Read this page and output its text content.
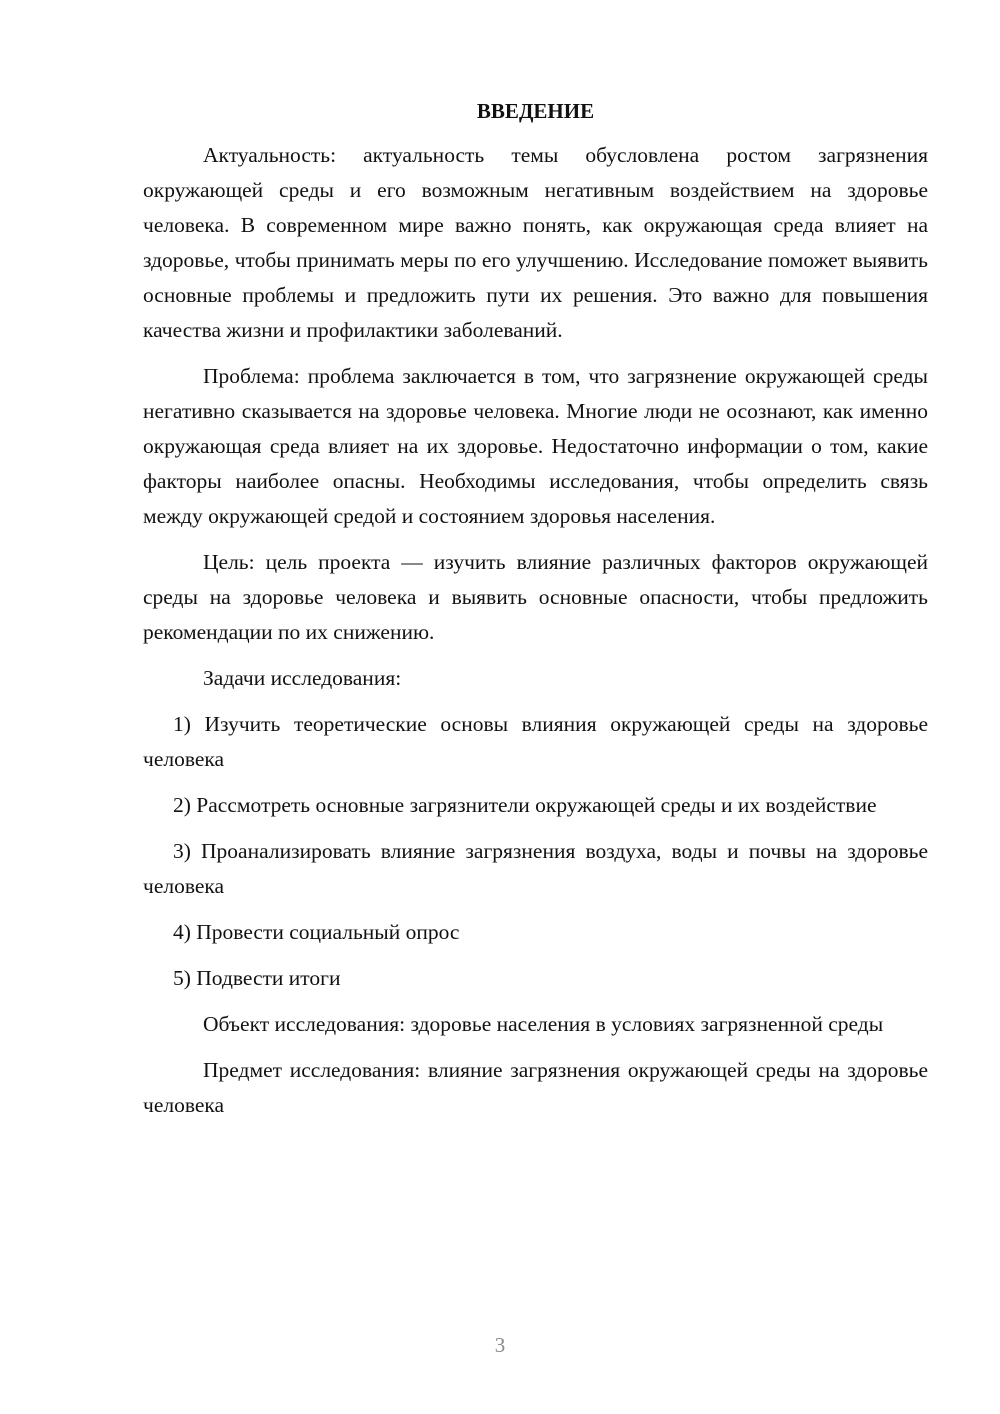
ВВЕДЕНИЕ

Актуальность: актуальность темы обусловлена ростом загрязнения окружающей среды и его возможным негативным воздействием на здоровье человека. В современном мире важно понять, как окружающая среда влияет на здоровье, чтобы принимать меры по его улучшению. Исследование поможет выявить основные проблемы и предложить пути их решения. Это важно для повышения качества жизни и профилактики заболеваний.

Проблема: проблема заключается в том, что загрязнение окружающей среды негативно сказывается на здоровье человека. Многие люди не осознают, как именно окружающая среда влияет на их здоровье. Недостаточно информации о том, какие факторы наиболее опасны. Необходимы исследования, чтобы определить связь между окружающей средой и состоянием здоровья населения.

Цель: цель проекта — изучить влияние различных факторов окружающей среды на здоровье человека и выявить основные опасности, чтобы предложить рекомендации по их снижению.

Задачи исследования:

1) Изучить теоретические основы влияния окружающей среды на здоровье человека

2) Рассмотреть основные загрязнители окружающей среды и их воздействие

3) Проанализировать влияние загрязнения воздуха, воды и почвы на здоровье человека

4) Провести социальный опрос

5) Подвести итоги

Объект исследования: здоровье населения в условиях загрязненной среды

Предмет исследования: влияние загрязнения окружающей среды на здоровье человека

3
